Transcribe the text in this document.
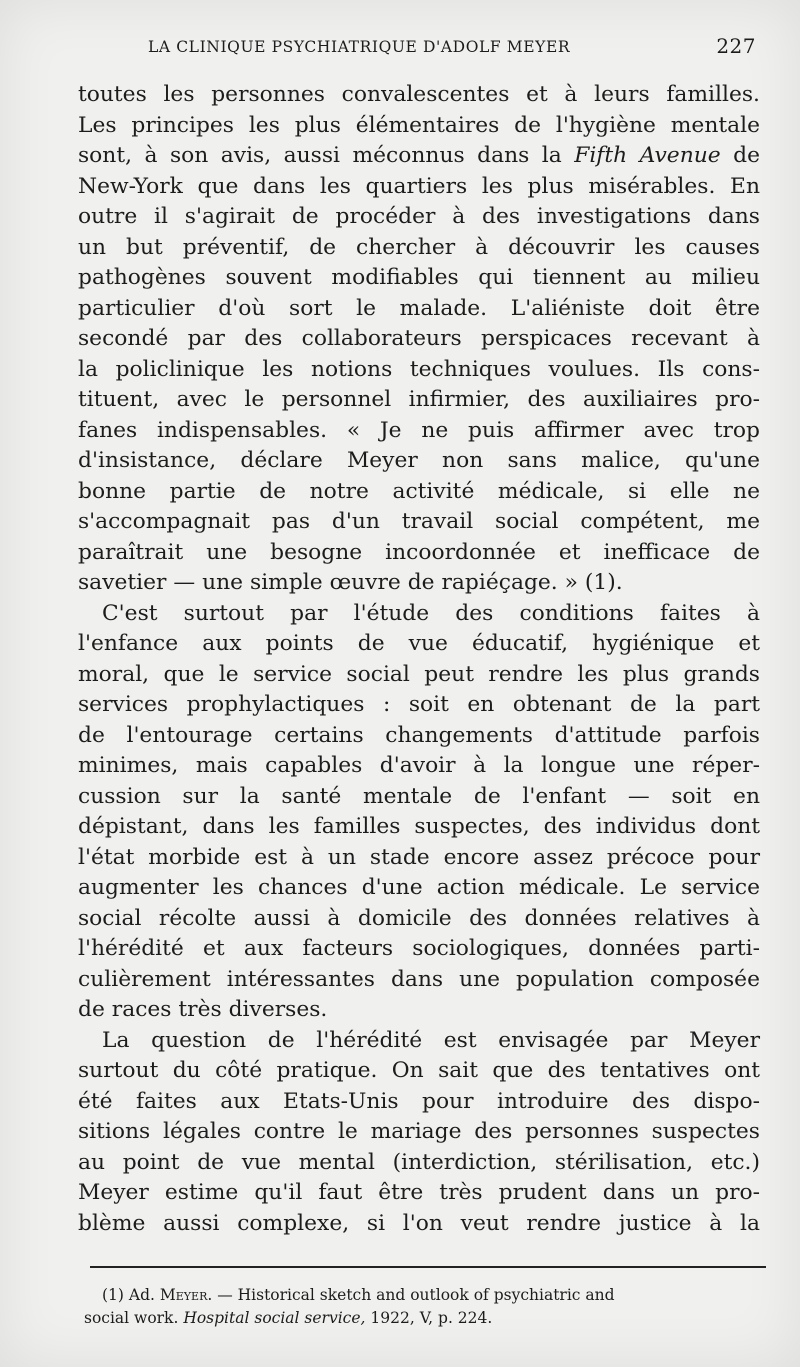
LA CLINIQUE PSYCHIATRIQUE D'ADOLF MEYER	227
toutes les personnes convalescentes et à leurs familles.
Les principes les plus élémentaires de l'hygiène mentale
sont, à son avis, aussi méconnus dans la Fifth Avenue de
New-York que dans les quartiers les plus misérables. En
outre il s'agirait de procéder à des investigations dans
un but préventif, de chercher à découvrir les causes
pathogènes souvent modifiables qui tiennent au milieu
particulier d'où sort le malade. L'aliéniste doit être
secondé par des collaborateurs perspicaces recevant à
la policlinique les notions techniques voulues. Ils cons-
tituent, avec le personnel infirmier, des auxiliaires pro-
fanes indispensables. « Je ne puis affirmer avec trop
d'insistance, déclare Meyer non sans malice, qu'une
bonne partie de notre activité médicale, si elle ne
s'accompagnait pas d'un travail social compétent, me
paraîtrait une besogne incoordonnée et inefficace de
savetier — une simple œuvre de rapiéçage. » (1).
C'est surtout par l'étude des conditions faites à
l'enfance aux points de vue éducatif, hygiénique et
moral, que le service social peut rendre les plus grands
services prophylactiques : soit en obtenant de la part
de l'entourage certains changements d'attitude parfois
minimes, mais capables d'avoir à la longue une réper-
cussion sur la santé mentale de l'enfant — soit en
dépistant, dans les familles suspectes, des individus dont
l'état morbide est à un stade encore assez précoce pour
augmenter les chances d'une action médicale. Le service
social récolte aussi à domicile des données relatives à
l'hérédité et aux facteurs sociologiques, données parti-
culièrement intéressantes dans une population composée
de races très diverses.
La question de l'hérédité est envisagée par Meyer
surtout du côté pratique. On sait que des tentatives ont
été faites aux Etats-Unis pour introduire des dispo-
sitions légales contre le mariage des personnes suspectes
au point de vue mental (interdiction, stérilisation, etc.)
Meyer estime qu'il faut être très prudent dans un pro-
blème aussi complexe, si l'on veut rendre justice à la
(1) Ad. Meyer. — Historical sketch and outlook of psychiatric and
social work. Hospital social service, 1922, V, p. 224.
